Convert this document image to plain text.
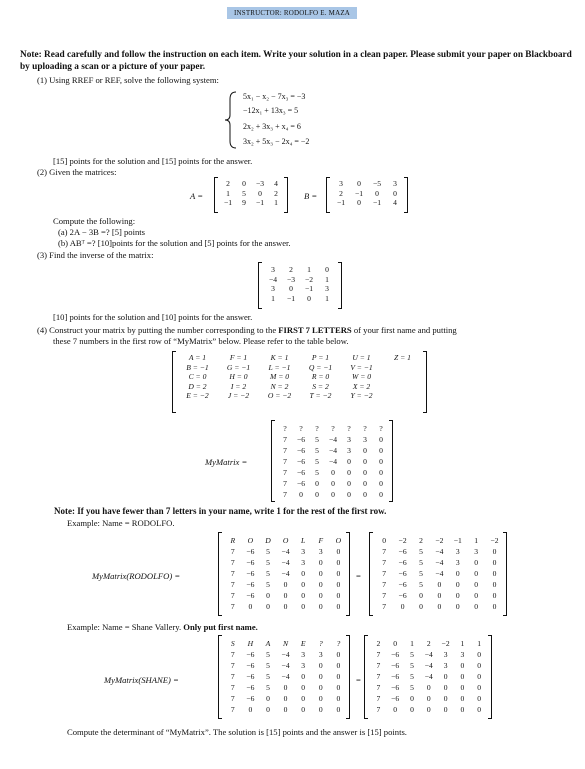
INSTRUCTOR: RODOLFO E. MAZA
Note: Read carefully and follow the instruction on each item. Write your solution in a clean paper. Please submit your paper on Blackboard by uploading a scan or a picture of your paper.
(1) Using RREF or REF, solve the following system:
5x₁ − x₂ − 7x₃ = −3
−12x₁ + 13x₃ = 5
2x₂ + 3x₃ + x₄ = 6
3x₂ + 5x₃ − 2x₄ = −2
[15] points for the solution and [15] points for the answer.
(2) Given the matrices:
A =
2	0	−3	4
1	5	0	2
−1	9	−1	1
B =
3	0	−5	3
2	−1	0	0
−1	0	−1	4
Compute the following:
(a) 2A − 3B =? [5] points
(b) ABᵀ =? [10]points for the solution and [5] points for the answer.
(3) Find the inverse of the matrix:
3	2	1	0
−4	−3	−2	1
3	0	−1	3
1	−1	0	1
[10] points for the solution and [10] points for the answer.
(4) Construct your matrix by putting the number corresponding to the FIRST 7 LETTERS of your first name and putting
these 7 numbers in the first row of “MyMatrix” below. Please refer to the table below.
A = 1	F = 1	K = 1	P = 1	U = 1	Z = 1
B = −1	G = −1	L = −1	Q = −1	V = −1
C = 0	H = 0	M = 0	R = 0	W = 0
D = 2	I = 2	N = 2	S = 2	X = 2
E = −2	J = −2	O = −2	T = −2	Y = −2
MyMatrix =
?	?	?	?	?	?	?
7	−6	5	−4	3	3	0
7	−6	5	−4	3	0	0
7	−6	5	−4	0	0	0
7	−6	5	0	0	0	0
7	−6	0	0	0	0	0
7	0	0	0	0	0	0
Note: If you have fewer than 7 letters in your name, write 1 for the rest of the first row.
Example: Name = RODOLFO.
MyMatrix(RODOLFO) =
R	O	D	O	L	F	O
7	−6	5	−4	3	3	0
7	−6	5	−4	3	0	0
7	−6	5	−4	0	0	0
7	−6	5	0	0	0	0
7	−6	0	0	0	0	0
7	0	0	0	0	0	0
=
0	−2	2	−2	−1	1	−2
7	−6	5	−4	3	3	0
7	−6	5	−4	3	0	0
7	−6	5	−4	0	0	0
7	−6	5	0	0	0	0
7	−6	0	0	0	0	0
7	0	0	0	0	0	0
Example: Name = Shane Vallery. Only put first name.
MyMatrix(SHANE) =
S	H	A	N	E	?	?
7	−6	5	−4	3	3	0
7	−6	5	−4	3	0	0
7	−6	5	−4	0	0	0
7	−6	5	0	0	0	0
7	−6	0	0	0	0	0
7	0	0	0	0	0	0
=
2	0	1	2	−2	1	1
7	−6	5	−4	3	3	0
7	−6	5	−4	3	0	0
7	−6	5	−4	0	0	0
7	−6	5	0	0	0	0
7	−6	0	0	0	0	0
7	0	0	0	0	0	0
Compute the determinant of “MyMatrix”. The solution is [15] points and the answer is [15] points.
